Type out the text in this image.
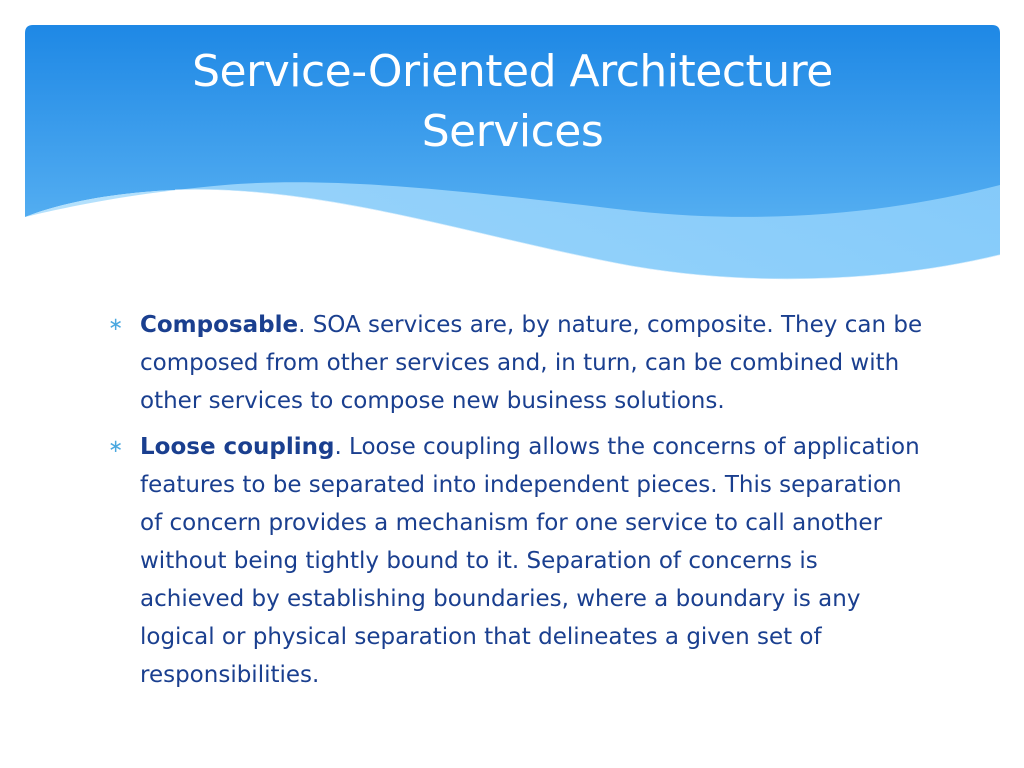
Service-Oriented Architecture
Services
∗ Composable. SOA services are, by nature, composite. They can be composed from other services and, in turn, can be combined with other services to compose new business solutions.
∗ Loose coupling. Loose coupling allows the concerns of application features to be separated into independent pieces. This separation of concern provides a mechanism for one service to call another without being tightly bound to it. Separation of concerns is achieved by establishing boundaries, where a boundary is any logical or physical separation that delineates a given set of responsibilities.
